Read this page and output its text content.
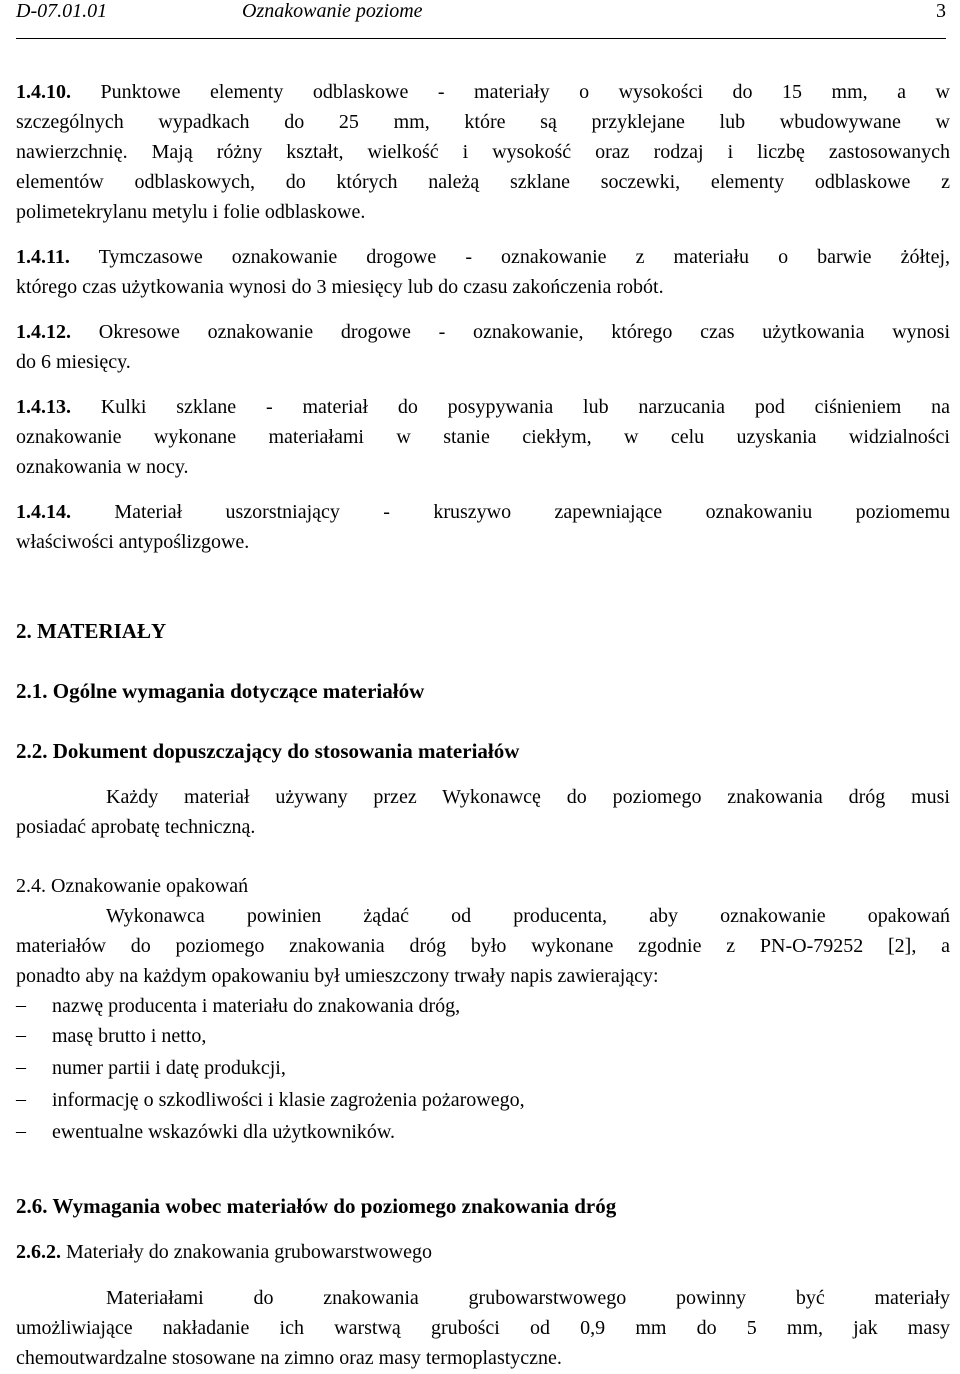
D-07.01.01	Oznakowanie poziome	3
1.4.10. Punktowe elementy odblaskowe - materiały o wysokości do 15 mm, a w
szczególnych wypadkach do 25 mm, które są przyklejane lub wbudowywane w
nawierzchnię. Mają różny kształt, wielkość i wysokość oraz rodzaj i liczbę zastosowanych
elementów odblaskowych, do których należą szklane soczewki, elementy odblaskowe z
polimetekrylanu metylu i folie odblaskowe.
1.4.11. Tymczasowe oznakowanie drogowe - oznakowanie z materiału o barwie żółtej,
którego czas użytkowania wynosi do 3 miesięcy lub do czasu zakończenia robót.
1.4.12. Okresowe oznakowanie drogowe - oznakowanie, którego czas użytkowania wynosi
do 6 miesięcy.
1.4.13. Kulki szklane - materiał do posypywania lub narzucania pod ciśnieniem na
oznakowanie wykonane materiałami w stanie ciekłym, w celu uzyskania widzialności
oznakowania w nocy.
1.4.14. Materiał uszorstniający - kruszywo zapewniające oznakowaniu poziomemu
właściwości antypoślizgowe.
2. MATERIAŁY
2.1. Ogólne wymagania dotyczące materiałów
2.2. Dokument dopuszczający do stosowania materiałów
Każdy materiał używany przez Wykonawcę do poziomego znakowania dróg musi
posiadać aprobatę techniczną.
2.4. Oznakowanie opakowań
Wykonawca powinien żądać od producenta, aby oznakowanie opakowań
materiałów do poziomego znakowania dróg było wykonane zgodnie z PN-O-79252 [2], a
ponadto aby na każdym opakowaniu był umieszczony trwały napis zawierający:
– nazwę producenta i materiału do znakowania dróg,
– masę brutto i netto,
– numer partii i datę produkcji,
– informację o szkodliwości i klasie zagrożenia pożarowego,
– ewentualne wskazówki dla użytkowników.
2.6. Wymagania wobec materiałów do poziomego znakowania dróg
2.6.2. Materiały do znakowania grubowarstwowego
Materiałami do znakowania grubowarstwowego powinny być materiały
umożliwiające nakładanie ich warstwą grubości od 0,9 mm do 5 mm, jak masy
chemoutwardzalne stosowane na zimno oraz masy termoplastyczne.
